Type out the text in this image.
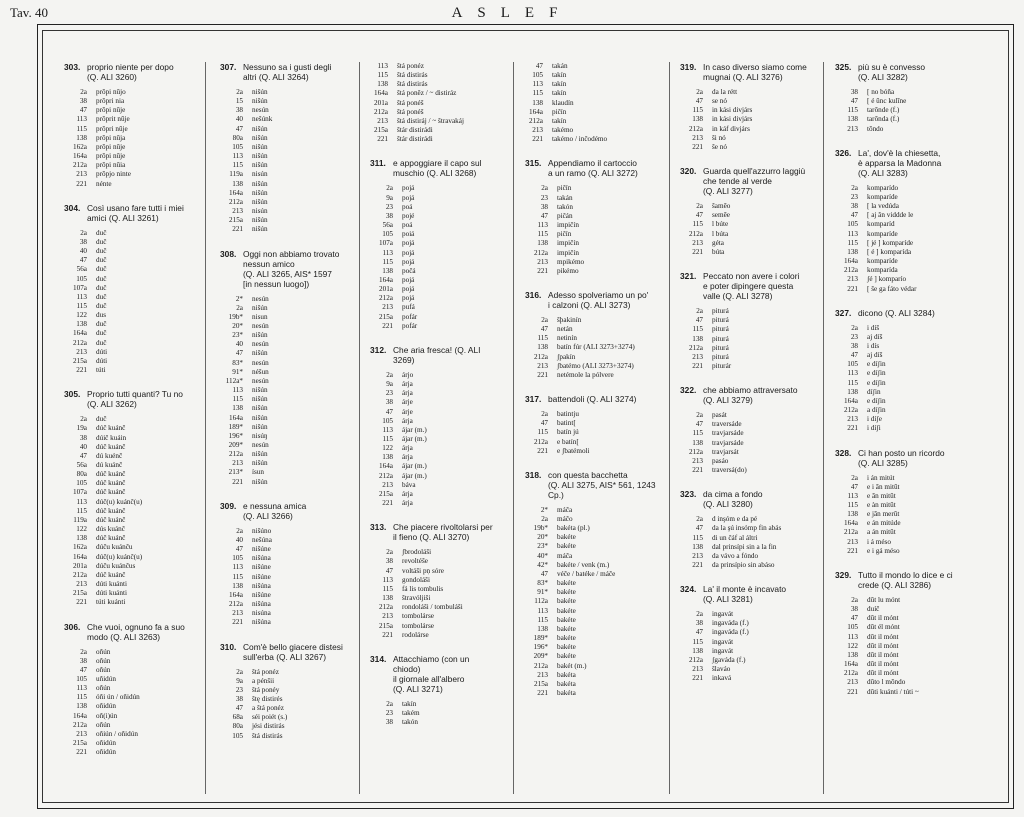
Tav. 40	ASLEF
303. proprio niente per dopo
(Q. ALI 3260)
2a	prōpi nūjo
38	prōpri nia
47	prōpi nūje
113	prōprit nūje
115	prōpri nūje
138	prōpi nūja
162a	prōpi nūje
164a	prōpi nūje
212a	prōpi nūia
213	prōpjo ninte
221	nénte
304. Così usano fare tutti i miei
amici (Q. ALI 3261)
2a	duč
38	duĉ
40	duč
47	duč
56a	duč
105	duč
107a	duĉ
113	duč
115	duč
122	dus
138	duč
164a	duč
212a	duč
213	dúti
215a	dúti
221	túti
305. Proprio tutti quanti? Tu no
(Q. ALI 3262)
2a	duč
19a	dúč kuánč
38	dúič kuáin
40	dúč kuánč
47	dú kuénč
56a	dú kuánč
80a	dúč kuánč
105	dúč kuánč
107a	dúč kuánč
113	dúč(u) kuánč(u)
115	dúč kuánč
119a	dúč kuánč
122	dús kuánč
138	dúč kuánč
162a	dúču kuánču
164a	dúč(u) kuánč(u)
201a	dúču kuánčus
212a	dúč kuánč
213	dúti kuánti
215a	dúti kuánti
221	túti kuánti
306. Che vuoi, ognuno fa a suo
modo (Q. ALI 3263)
2a	oñún
38	oñún
47	oñún
105	uñidún
113	oñún
115	óñi ún / oñidún
138	oñidún
164a	oñ(i)ún
212a	oñún
213	oñiún / oñidún
215a	oñidún
221	oñidún
307. Nessuno sa i gusti degli
altri (Q. ALI 3264)
2a	nišún
15	nišún
38	nesún
40	nešúnk
47	nišún
80a	nišún
105	nišún
113	nišún
115	nišún
119a	nisún
138	nišún
164a	nišún
212a	nišún
213	nisún
215a	nišún
221	nišún
308. Oggi non abbiamo trovato
nessun amico
(Q. ALI 3265, AIS* 1597
[in nessun luogo])
2*	nesún
2a	nišún
19b*	nisun
20*	nesún
23*	nišún
40	nesún
47	nišún
83*	nesún
91*	néšun
112a*	nesún
113	nišún
115	nišún
138	nišún
164a	nišún
189*	nišún
196*	nisúŋ
209*	nesún
212a	nišún
213	nišún
213*	ísun
221	nišún
309. e nessuna amica
(Q. ALI 3266)
2a	nišúno
40	nešúna
47	nišúne
105	nišúna
113	nišúne
115	nišúne
138	nišúna
164a	nišúne
212a	nišúna
213	nisúna
221	nišúna
310. Com'è bello giacere distesi
sull'erba (Q. ALI 3267)
2a	štá ponéz
9a	a pénšii
23	štá ponéy
38	štę distirés
47	a štá ponéz
68a	séi poiét (s.)
80a	jési distirás
105	štá distirás
113	štá ponéz
115	štá distirás
138	štá distirás
164a	štá poněz / ~ distiráz
201a	štá ponéš
212a	štá ponéš
213	štá distiráj / ~ štravakáj
215a	štár distirádi
221	štár distirádi
311. e appoggiare il capo sul
muschio (Q. ALI 3268)
2a	pojá
9a	pojá
23	poá
38	pojé
56a	poá
105	poiá
107a	pojá
113	pojá
115	pojá
138	počá
164a	pojá
201a	pojá
212a	pojá
213	pufá
215a	pofár
221	pofár
312. Che aria fresca! (Q. ALI 3269)
2a	árjo
9a	árja
23	árja
38	árje
47	árje
105	árja
113	ájar (m.)
115	ájar (m.)
122	árja
138	árja
164a	ájar (m.)
212a	ájar (m.)
213	báva
215a	árja
221	árja
313. Che piacere rivoltolarsi per
il fieno (Q. ALI 3270)
2a	ʃbrodoláši
38	revoltéše
47	voltáši pṇ sóre
113	gondoláši
115	fá lis tombulis
138	štravóljiši
212a	rondoláši / tombuláši
213	tombolárse
215a	tombolárse
221	rodolárse
314. Attacchiamo (con un chiodo)
il giornale all'albero
(Q. ALI 3271)
2a	takín
23	takém
38	takón
47	takán
105	takín
113	takín
115	takín
138	klaudín
164a	pičín
212a	takín
213	takémo
221	takémo / inčodémo
315. Appendiamo il cartoccio
a un ramo (Q. ALI 3272)
2a	pičín
23	takán
38	takón
47	pičán
113	impičín
115	pičín
138	impičín
212a	impičín
213	mpikémo
221	pikémo
316. Adesso spolveriamo un po'
i calzoni (Q. ALI 3273)
2a	šþakinín
47	netán
115	netinín
138	batín fúr (ALI 3273+3274)
212a	ʃpakín
213	ʃbatémo (ALI 3273+3274)
221	netémole la pólvere
317. battendoli (Q. ALI 3274)
2a	batintju
47	batint[
115	batín jú
212a	e batín[
221	e ʃbatémoli
318. con questa bacchetta
(Q. ALI 3275, AIS* 561, 1243
Cp.)
2*	máča
2a	máčo
19b*	bakéta (pl.)
20*	bakéte
23*	bakéte
40*	máča
42*	bakéte / venk (m.)
47	véče / batéke / máče
83*	bakéte
91*	bakéte
112a	bakéte
113	bakéte
115	bakéte
138	bakéte
189*	bakéte
196*	bakéte
209*	bakéte
212a	bakét (m.)
213	bakéta
215a	bakéta
221	bakéta
319. In caso diverso siamo come
mugnai (Q. ALI 3276)
2a	da la rétt
47	se nó
115	in kási divjárs
138	in kási divjárs
212a	in káf divjárs
213	ši nó
221	še nó
320. Guarda quell'azzurro laggiù
che tende al verde
(Q. ALI 3277)
2a	šamēo
47	semēe
115	l búte
212a	l búta
213	géta
221	búta
321. Peccato non avere i colori
e poter dipingere questa
valle (Q. ALI 3278)
2a	piturá
47	piturá
115	piturá
138	piturá
212a	piturá
213	piturá
221	piturár
322. che abbiamo attraversato
(Q. ALI 3279)
2a	pasát
47	traversáde
115	travjarsáde
138	travjarsáde
212a	travjarsát
213	pasáo
221	traversá(do)
323. da cima a fondo
(Q. ALI 3280)
2a	d inşóm e da pé
47	da la şú insómp fin abás
115	di un čáf al áltri
138	dal prinsípi sin a la fin
213	da vávo a fóndo
221	da prinsípio sin abáso
324. La' il monte è incavato
(Q. ALI 3281)
2a	ingavát
38	ingaváda (f.)
47	ingaváda (f.)
115	ingavát
138	ingavát
212a	ʃgaváda (f.)
213	šlaváo
221	inkavá
325. più su è convesso
(Q. ALI 3282)
38	[ no bóña
47	[ é ūnc kulīne
115	tarōnde (f.)
138	tarōnda (f.)
213	tōndo
326. La', dov'è la chiesetta,
è apparsa la Madonna
(Q. ALI 3283)
2a	komparído
23	komparíde
38	[ la vedúda
47	[ aj ãn viddde le
105	komparíd
113	komparíde
115	[ jé ] komparíde
138	[ é ] komparída
164a	komparíde
212a	komparída
213	ʃé ] komparío
221	[ še ga fáto védar
327. dicono (Q. ALI 3284)
2a	i díš
23	aj díš
38	i dís
47	aj díš
105	e díʃin
113	e díʃin
115	e díʃin
138	díʃin
164a	e díʃin
212a	a díʃin
213	i díʃe
221	i díʃi
328. Ci han posto un ricordo
(Q. ALI 3285)
2a	i án mitút
47	e i ān mitūt
113	e ān mitūt
115	e àn mitūt
138	e jān merūt
164a	e án mitúde
212a	a án mitūt
213	i á méso
221	e i gá méso
329. Tutto il mondo lo dice e ci
crede (Q. ALI 3286)
2a	dūt lu mónt
38	duíč
47	dūt il mónt
105	dūt él mónt
113	dūt il mónt
122	dūt il mónt
138	dūt il mónt
164a	dūt il mónt
212a	dūt il mónt
213	dūto l mōndo
221	dūti kuánti / túti ~
